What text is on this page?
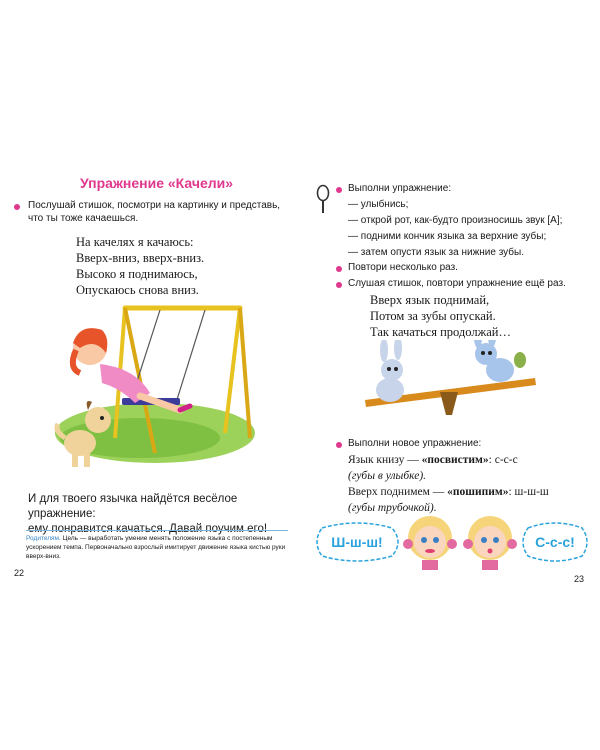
Упражнение «Качели»
Послушай стишок, посмотри на картинку и представь,
что ты тоже качаешься.
На качелях я качаюсь:
Вверх-вниз, вверх-вниз.
Высоко я поднимаюсь,
Опускаюсь снова вниз.
И для твоего язычка найдётся весёлое упражнение:
ему понравится качаться. Давай поучим его!
Родителям. Цель — выработать умение менять положение языка с постепенным
ускорением темпа. Первоначально взрослый имитирует движение языка кистью руки
вверх-вниз.
22
Выполни упражнение:
— улыбнись;
— открой рот, как-будто произносишь звук [А];
— подними кончик языка за верхние зубы;
— затем опусти язык за нижние зубы.
Повтори несколько раз.
Слушая стишок, повтори упражнение ещё раз.
Вверх язык поднимай,
Потом за зубы опускай.
Так качаться продолжай…
Выполни новое упражнение:
Язык книзу — «посвистим»: с-с-с
(губы в улыбке).
Вверх поднимем — «пошипим»: ш-ш-ш
(губы трубочкой).
Ш-ш-ш!	С-с-с!
23
